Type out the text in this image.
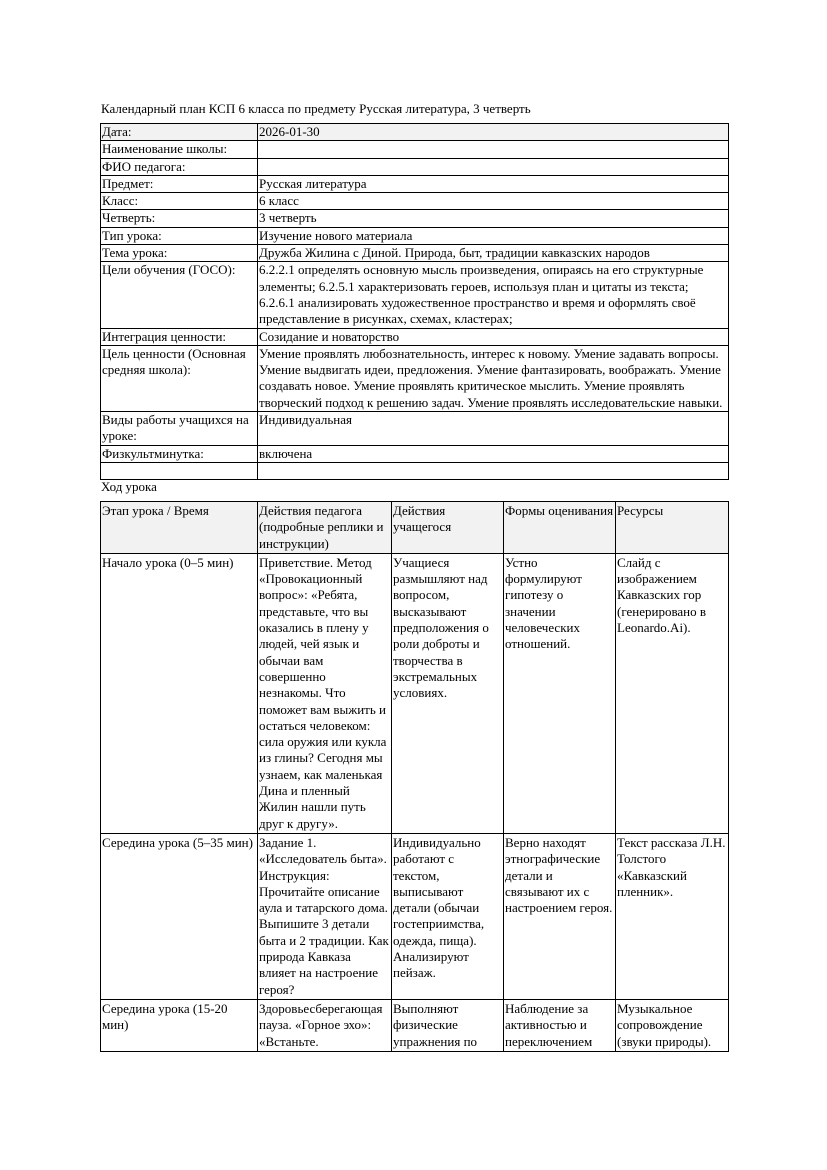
Календарный план КСП 6 класса по предмету Русская литература, 3 четверть
Дата:	2026-01-30
Наименование школы:	
ФИО педагога:	
Предмет:	Русская литература
Класс:	6 класс
Четверть:	3 четверть
Тип урока:	Изучение нового материала
Тема урока:	Дружба Жилина с Диной. Природа, быт, традиции кавказских народов
Цели обучения (ГОСО):	6.2.2.1 определять основную мысль произведения, опираясь на его структурные элементы; 6.2.5.1 характеризовать героев, используя план и цитаты из текста; 6.2.6.1 анализировать художественное пространство и время и оформлять своё представление в рисунках, схемах, кластерах;
Интеграция ценности:	Созидание и новаторство
Цель ценности (Основная средняя школа):	Умение проявлять любознательность, интерес к новому. Умение задавать вопросы. Умение выдвигать идеи, предложения. Умение фантазировать, воображать. Умение создавать новое. Умение проявлять критическое мыслить. Умение проявлять творческий подход к решению задач. Умение проявлять исследовательские навыки.
Виды работы учащихся на уроке:	Индивидуальная
Физкультминутка:	включена

Ход урока
Этап урока / Время	Действия педагога (подробные реплики и инструкции)	Действия учащегося	Формы оценивания	Ресурсы
Начало урока (0–5 мин)	Приветствие. Метод «Провокационный вопрос»: «Ребята, представьте, что вы оказались в плену у людей, чей язык и обычаи вам совершенно незнакомы. Что поможет вам выжить и остаться человеком: сила оружия или кукла из глины? Сегодня мы узнаем, как маленькая Дина и пленный Жилин нашли путь друг к другу».	Учащиеся размышляют над вопросом, высказывают предположения о роли доброты и творчества в экстремальных условиях.	Устно формулируют гипотезу о значении человеческих отношений.	Слайд с изображением Кавказских гор (генерировано в Leonardo.Ai).
Середина урока (5–35 мин)	Задание 1. «Исследователь быта». Инструкция: Прочитайте описание аула и татарского дома. Выпишите 3 детали быта и 2 традиции. Как природа Кавказа влияет на настроение героя?	Индивидуально работают с текстом, выписывают детали (обычаи гостеприимства, одежда, пища). Анализируют пейзаж.	Верно находят этнографические детали и связывают их с настроением героя.	Текст рассказа Л.Н. Толстого «Кавказский пленник».
Середина урока (15-20 мин)	Здоровьесберегающая пауза. «Горное эхо»: «Встаньте.	Выполняют физические упражнения по	Наблюдение за активностью и переключением	Музыкальное сопровождение (звуки природы).
